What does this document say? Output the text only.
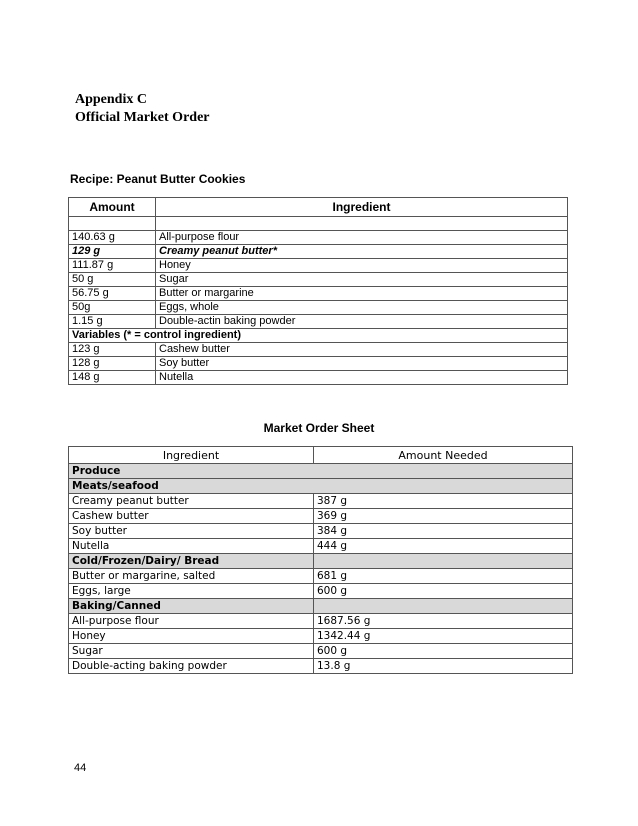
Appendix C
Official Market Order
Recipe: Peanut Butter Cookies
Amount	Ingredient

140.63 g	All-purpose flour
129 g	Creamy peanut butter*
111.87 g	Honey
50 g	Sugar
56.75 g	Butter or margarine
50g	Eggs, whole
1.15 g	Double-actin baking powder
Variables (* = control ingredient)	
123 g	Cashew butter
128 g	Soy butter
148 g	Nutella
Market Order Sheet
Ingredient	Amount Needed
Produce	
Meats/seafood	
Creamy peanut butter	387 g
Cashew butter	369 g
Soy butter	384 g
Nutella	444 g
Cold/Frozen/Dairy/ Bread	
Butter or margarine, salted	681 g
Eggs, large	600 g
Baking/Canned	
All-purpose flour	1687.56 g
Honey	1342.44 g
Sugar	600 g
Double-acting baking powder	13.8 g
44
